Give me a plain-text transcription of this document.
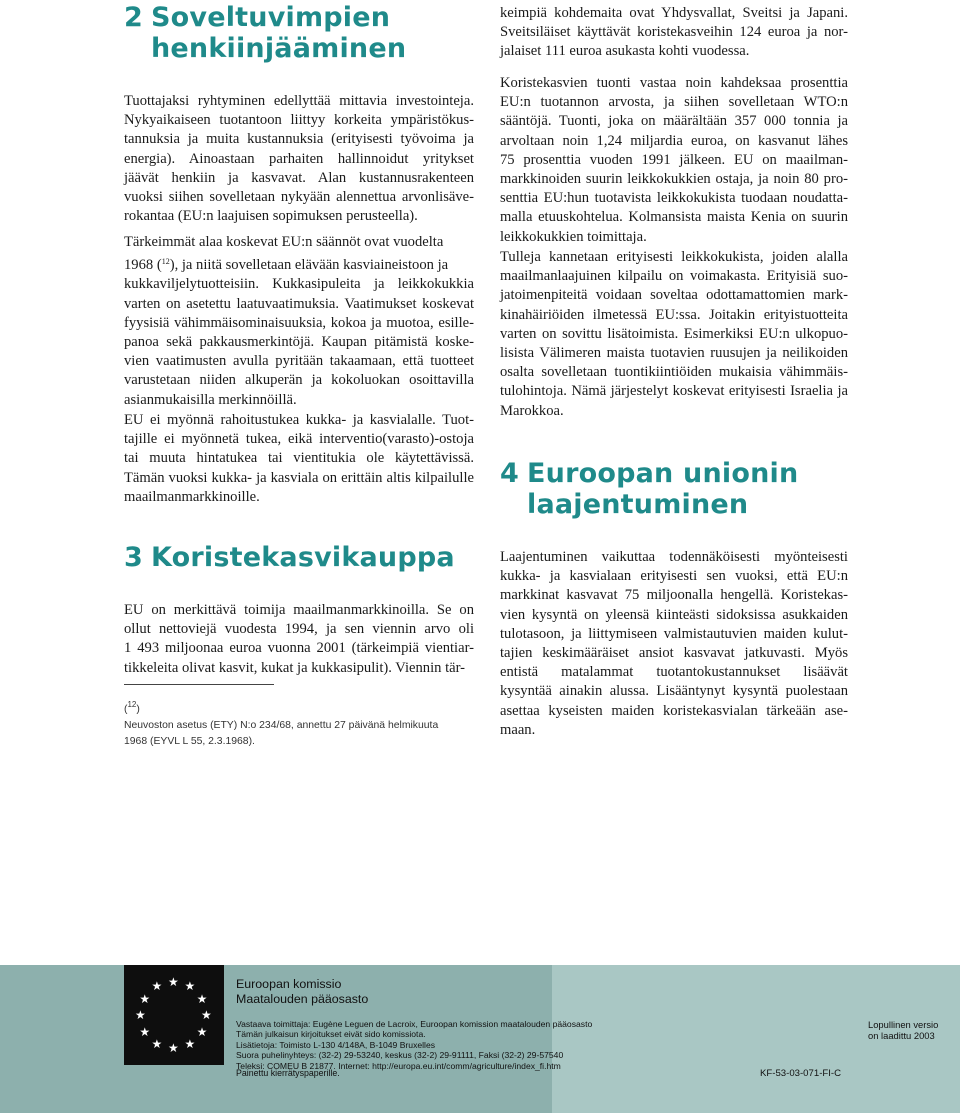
2 Soveltuvimpien
henkiinjääminen

Tuottajaksi ryhtyminen edellyttää mittavia investointeja.

Nykyaikaiseen tuotantoon liittyy korkeita ympäristökus-

tannuksia ja muita kustannuksia (erityisesti työvoima ja

energia). Ainoastaan parhaiten hallinnoidut yritykset

jäävät henkiin ja kasvavat. Alan kustannusrakenteen

vuoksi siihen sovelletaan nykyään alennettua arvonlisäve-

rokantaa (EU:n laajuisen sopimuksen perusteella).

Tärkeimmät alaa koskevat EU:n säännöt ovat vuodelta

1968 ($^{12}$), ja niitä sovelletaan elävään kasviaineistoon ja

kukkaviljelytuotteisiin. Kukkasipuleita ja leikkokukkia

varten on asetettu laatuvaatimuksia. Vaatimukset koskevat

fyysisiä vähimmäisominaisuuksia, kokoa ja muotoa, esille-

panoa sekä pakkausmerkintöjä. Kaupan pitämistä koske-

vien vaatimusten avulla pyritään takaamaan, että tuotteet

varustetaan niiden alkuperän ja kokoluokan osoittavilla

asianmukaisilla merkinnöillä.

EU ei myönnä rahoitustukea kukka- ja kasvialalle. Tuot-

tajille ei myönnetä tukea, eikä interventio(varasto)-ostoja

tai muuta hintatukea tai vientitukia ole käytettävissä.

Tämän vuoksi kukka- ja kasviala on erittäin altis kilpailulle

maailmanmarkkinoille.

3 Koristekasvikauppa

EU on merkittävä toimija maailmanmarkkinoilla. Se on

ollut nettoviejä vuodesta 1994, ja sen viennin arvo oli

1 493 miljoonaa euroa vuonna 2001 (tärkeimpiä vientiar-

tikkeleita olivat kasvit, kukat ja kukkasipulit). Viennin tär-

($^{12}$) Neuvoston asetus (ETY) N:o 234/68, annettu 27 päivänä helmikuuta
1968 (EYVL L 55, 2.3.1968).

keimpiä kohdemaita ovat Yhdysvallat, Sveitsi ja Japani.

Sveitsiläiset käyttävät koristekasveihin 124 euroa ja nor-

jalaiset 111 euroa asukasta kohti vuodessa.

Koristekasvien tuonti vastaa noin kahdeksaa prosenttia

EU:n tuotannon arvosta, ja siihen sovelletaan WTO:n

sääntöjä. Tuonti, joka on määrältään 357 000 tonnia ja

arvoltaan noin 1,24 miljardia euroa, on kasvanut lähes

75 prosenttia vuoden 1991 jälkeen. EU on maailman-

markkinoiden suurin leikkokukkien ostaja, ja noin 80 pro-

senttia EU:hun tuotavista leikkokukista tuodaan noudatta-

malla etuuskohtelua. Kolmansista maista Kenia on suurin

leikkokukkien toimittaja.

Tulleja kannetaan erityisesti leikkokukista, joiden alalla

maailmanlaajuinen kilpailu on voimakasta. Erityisiä suo-

jatoimenpiteitä voidaan soveltaa odottamattomien mark-

kinahäiriöiden ilmetessä EU:ssa. Joitakin erityistuotteita

varten on sovittu lisätoimista. Esimerkiksi EU:n ulkopuo-

lisista Välimeren maista tuotavien ruusujen ja neilikoiden

osalta sovelletaan tuontikiintiöiden mukaisia vähimmäis-

tulohintoja. Nämä järjestelyt koskevat erityisesti Israelia ja

Marokkoa.

4 Euroopan unionin
laajentuminen

Laajentuminen vaikuttaa todennäköisesti myönteisesti

kukka- ja kasvialaan erityisesti sen vuoksi, että EU:n

markkinat kasvavat 75 miljoonalla hengellä. Koristekas-

vien kysyntä on yleensä kiinteästi sidoksissa asukkaiden

tulotasoon, ja liittymiseen valmistautuvien maiden kulut-

tajien keskimääräiset ansiot kasvavat jatkuvasti. Myös

entistä matalammat tuotantokustannukset lisäävät

kysyntää ainakin alussa. Lisääntynyt kysyntä puolestaan

asettaa kyseisten maiden koristekasvialan tärkeään ase-

maan.

★ ★
★
★
★
★
★
★
★
★
★
★	Euroopan komissio
Maatalouden pääosasto
Vastaava toimittaja: Eugène Leguen de Lacroix, Euroopan komission maatalouden pääosasto
Tämän julkaisun kirjoitukset eivät sido komissiota.
Lisätietoja: Toimisto L-130 4/148A, B-1049 Bruxelles
Suora puhelinyhteys: (32-2) 29-53240, keskus (32-2) 29-91111, Faksi (32-2) 29-57540
Teleksi: COMEU B 21877. Internet: http://europa.eu.int/comm/agriculture/index_fi.htm
Painettu kierrätyspaperille.
Lopullinen versio
on laadittu 2003
KF-53-03-071-FI-C
